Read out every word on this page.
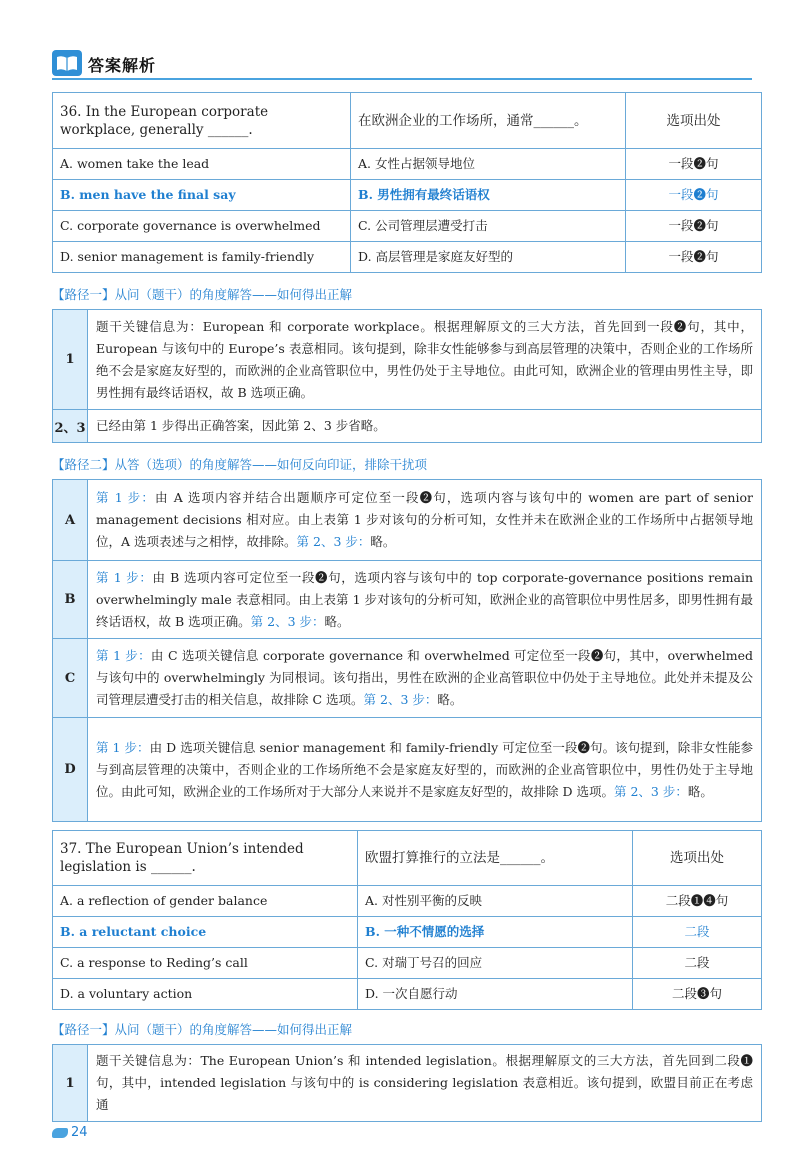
答案解析
36. In the European corporate workplace, generally ______.	在欧洲企业的工作场所，通常______。	选项出处
A. women take the lead	A. 女性占据领导地位	一段❷句
B. men have the final say	B. 男性拥有最终话语权	一段❷句
C. corporate governance is overwhelmed	C. 公司管理层遭受打击	一段❷句
D. senior management is family-friendly	D. 高层管理是家庭友好型的	一段❷句
【路径一】从问（题干）的角度解答——如何得出正解
1	题干关键信息为：European 和 corporate workplace。根据理解原文的三大方法，首先回到一段❷句，其中，European 与该句中的 Europe’s 表意相同。该句提到，除非女性能够参与到高层管理的决策中，否则企业的工作场所绝不会是家庭友好型的，而欧洲的企业高管职位中，男性仍处于主导地位。由此可知，欧洲企业的管理由男性主导，即男性拥有最终话语权，故 B 选项正确。
2、3	已经由第 1 步得出正确答案，因此第 2、3 步省略。
【路径二】从答（选项）的角度解答——如何反向印证，排除干扰项
A	第 1 步：由 A 选项内容并结合出题顺序可定位至一段❷句，选项内容与该句中的 women are part of senior management decisions 相对应。由上表第 1 步对该句的分析可知，女性并未在欧洲企业的工作场所中占据领导地位，A 选项表述与之相悖，故排除。第 2、3 步：略。
B	第 1 步：由 B 选项内容可定位至一段❷句，选项内容与该句中的 top corporate-governance positions remain overwhelmingly male 表意相同。由上表第 1 步对该句的分析可知，欧洲企业的高管职位中男性居多，即男性拥有最终话语权，故 B 选项正确。第 2、3 步：略。
C	第 1 步：由 C 选项关键信息 corporate governance 和 overwhelmed 可定位至一段❷句，其中，overwhelmed 与该句中的 overwhelmingly 为同根词。该句指出，男性在欧洲的企业高管职位中仍处于主导地位。此处并未提及公司管理层遭受打击的相关信息，故排除 C 选项。第 2、3 步：略。
D	第 1 步：由 D 选项关键信息 senior management 和 family-friendly 可定位至一段❷句。该句提到，除非女性能参与到高层管理的决策中，否则企业的工作场所绝不会是家庭友好型的，而欧洲的企业高管职位中，男性仍处于主导地位。由此可知，欧洲企业的工作场所对于大部分人来说并不是家庭友好型的，故排除 D 选项。第 2、3 步：略。
37. The European Union’s intended legislation is ______.	欧盟打算推行的立法是______。	选项出处
A. a reflection of gender balance	A. 对性别平衡的反映	二段❶❹句
B. a reluctant choice	B. 一种不情愿的选择	二段
C. a response to Reding’s call	C. 对瑞丁号召的回应	二段
D. a voluntary action	D. 一次自愿行动	二段❸句
【路径一】从问（题干）的角度解答——如何得出正解
1	题干关键信息为：The European Union’s 和 intended legislation。根据理解原文的三大方法，首先回到二段❶句，其中，intended legislation 与该句中的 is considering legislation 表意相近。该句提到，欧盟目前正在考虑通
24
